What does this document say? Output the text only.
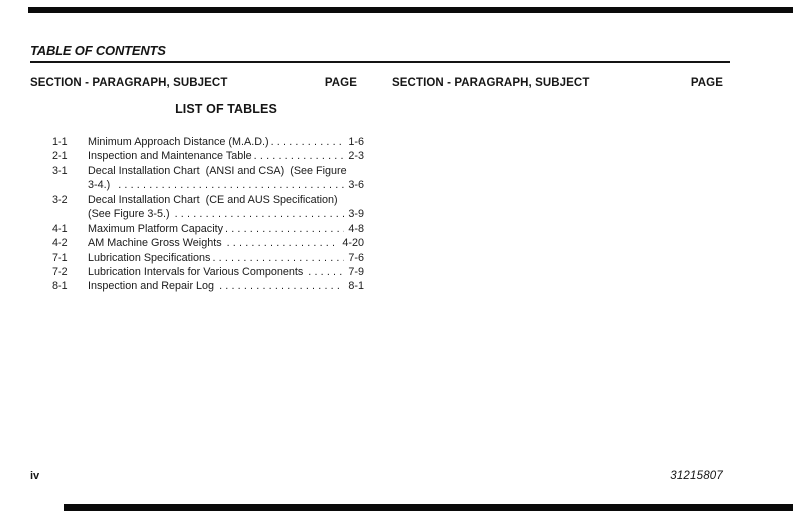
TABLE OF CONTENTS
SECTION - PARAGRAPH, SUBJECT	PAGE	SECTION - PARAGRAPH, SUBJECT	PAGE
LIST OF TABLES
1-1	Minimum Approach Distance (M.A.D.) .....	1-6
2-1	Inspection and Maintenance Table .....	2-3
3-1	Decal Installation Chart  (ANSI and CSA)  (See Figure
3-4.) .....	3-6
3-2	Decal Installation Chart  (CE and AUS Specification)
(See Figure 3-5.) .....	3-9
4-1	Maximum Platform Capacity .....	4-8
4-2	AM Machine Gross Weights .....	4-20
7-1	Lubrication Specifications .....	7-6
7-2	Lubrication Intervals for Various Components .....	7-9
8-1	Inspection and Repair Log .....	8-1
iv	31215807
